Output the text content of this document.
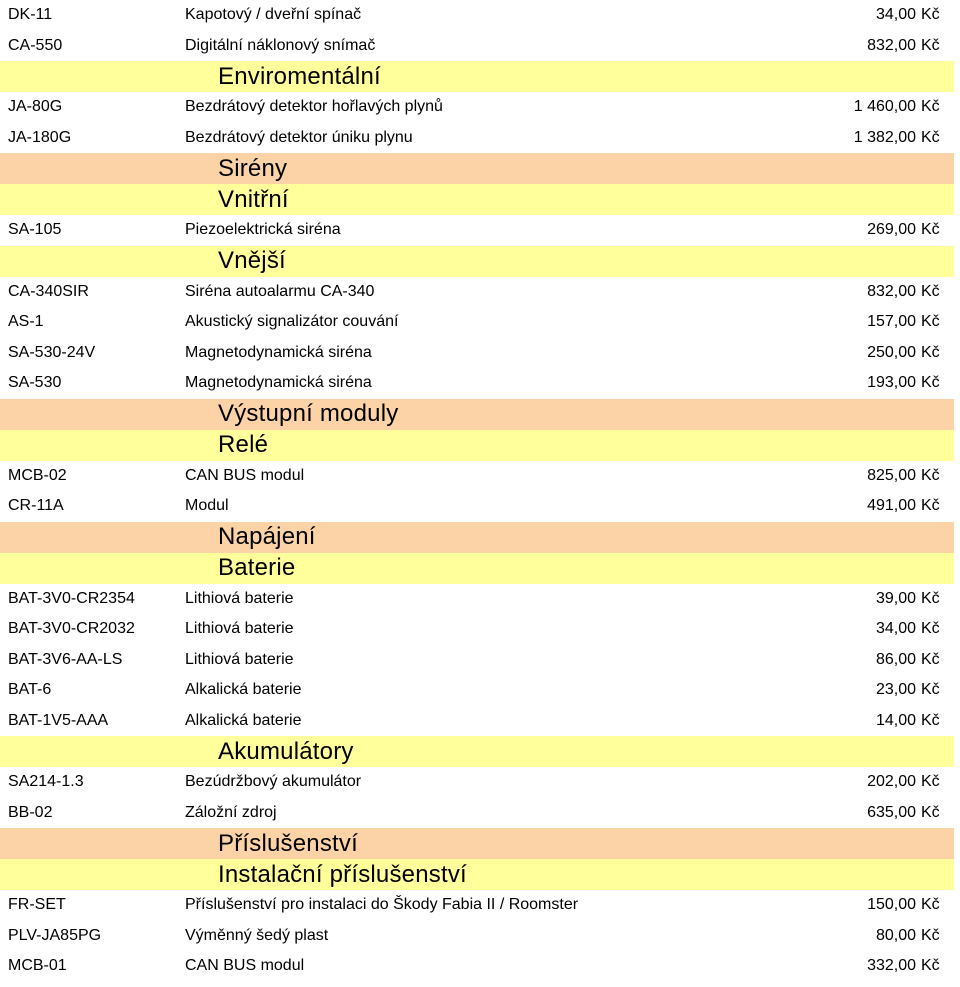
DK-11	Kapotový / dveřní spínač	34,00 Kč
CA-550	Digitální náklonový snímač	832,00 Kč
Enviromentální
JA-80G	Bezdrátový detektor hořlavých plynů	1 460,00 Kč
JA-180G	Bezdrátový detektor úniku plynu	1 382,00 Kč
Sirény
Vnitřní
SA-105	Piezoelektrická siréna	269,00 Kč
Vnější
CA-340SIR	Siréna autoalarmu CA-340	832,00 Kč
AS-1	Akustický signalizátor couvání	157,00 Kč
SA-530-24V	Magnetodynamická siréna	250,00 Kč
SA-530	Magnetodynamická siréna	193,00 Kč
Výstupní moduly
Relé
MCB-02	CAN BUS modul	825,00 Kč
CR-11A	Modul	491,00 Kč
Napájení
Baterie
BAT-3V0-CR2354	Lithiová baterie	39,00 Kč
BAT-3V0-CR2032	Lithiová baterie	34,00 Kč
BAT-3V6-AA-LS	Lithiová baterie	86,00 Kč
BAT-6	Alkalická baterie	23,00 Kč
BAT-1V5-AAA	Alkalická baterie	14,00 Kč
Akumulátory
SA214-1.3	Bezúdržbový akumulátor	202,00 Kč
BB-02	Záložní zdroj	635,00 Kč
Příslušenství
Instalační příslušenství
FR-SET	Příslušenství pro instalaci do Škody Fabia II / Roomster	150,00 Kč
PLV-JA85PG	Výměnný šedý plast	80,00 Kč
MCB-01	CAN BUS modul	332,00 Kč
